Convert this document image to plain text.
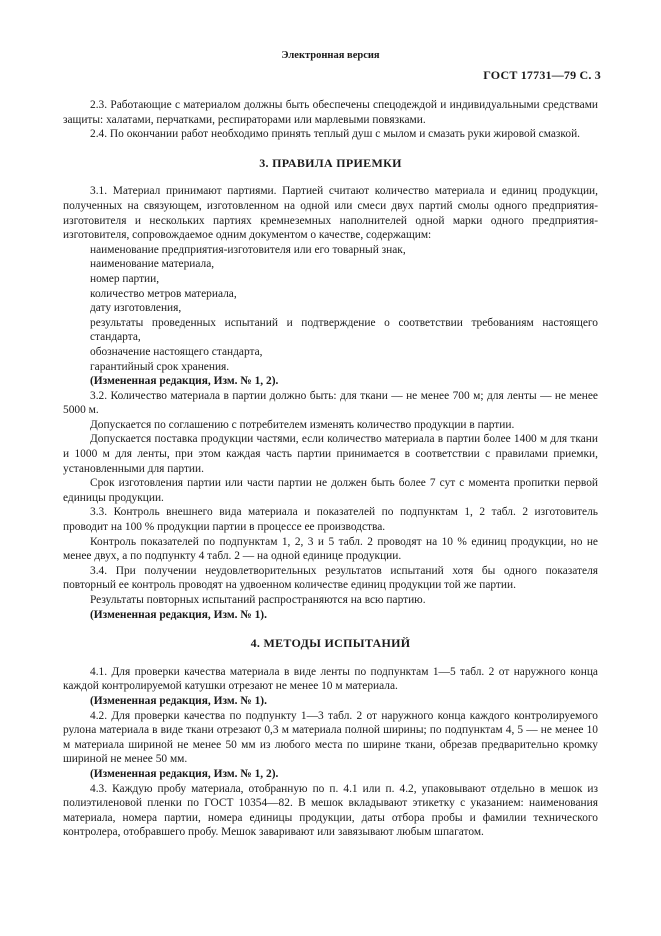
Электронная версия
ГОСТ 17731—79 С. 3

2.3. Работающие с материалом должны быть обеспечены спецодеждой и индивидуальными средствами защиты: халатами, перчатками, респираторами или марлевыми повязками.

2.4. По окончании работ необходимо принять теплый душ с мылом и смазать руки жировой смазкой.

3. ПРАВИЛА ПРИЕМКИ

3.1. Материал принимают партиями. Партией считают количество материала и единиц продукции, полученных на связующем, изготовленном на одной или смеси двух партий смолы одного предприятия-изготовителя и нескольких партиях кремнеземных наполнителей одной марки одного предприятия-изготовителя, сопровождаемое одним документом о качестве, содержащим:

наименование предприятия-изготовителя или его товарный знак,

наименование материала,

номер партии,

количество метров материала,

дату изготовления,

результаты проведенных испытаний и подтверждение о соответствии требованиям настоящего стандарта,

обозначение настоящего стандарта,

гарантийный срок хранения.

(Измененная редакция, Изм. № 1, 2).

3.2. Количество материала в партии должно быть: для ткани — не менее 700 м; для ленты — не менее 5000 м.

Допускается по соглашению с потребителем изменять количество продукции в партии.

Допускается поставка продукции частями, если количество материала в партии более 1400 м для ткани и 1000 м для ленты, при этом каждая часть партии принимается в соответствии с правилами приемки, установленными для партии.

Срок изготовления партии или части партии не должен быть более 7 сут с момента пропитки первой единицы продукции.

3.3. Контроль внешнего вида материала и показателей по подпунктам 1, 2 табл. 2 изготовитель проводит на 100 % продукции партии в процессе ее производства.

Контроль показателей по подпунктам 1, 2, 3 и 5 табл. 2 проводят на 10 % единиц продукции, но не менее двух, а по подпункту 4 табл. 2 — на одной единице продукции.

3.4. При получении неудовлетворительных результатов испытаний хотя бы одного показателя повторный ее контроль проводят на удвоенном количестве единиц продукции той же партии.

Результаты повторных испытаний распространяются на всю партию.

(Измененная редакция, Изм. № 1).

4. МЕТОДЫ ИСПЫТАНИЙ

4.1. Для проверки качества материала в виде ленты по подпунктам 1—5 табл. 2 от наружного конца каждой контролируемой катушки отрезают не менее 10 м материала.

(Измененная редакция, Изм. № 1).

4.2. Для проверки качества по подпункту 1—3 табл. 2 от наружного конца каждого контролируемого рулона материала в виде ткани отрезают 0,3 м материала полной ширины; по подпунктам 4, 5 — не менее 10 м материала шириной не менее 50 мм из любого места по ширине ткани, обрезав предварительно кромку шириной не менее 50 мм.

(Измененная редакция, Изм. № 1, 2).

4.3. Каждую пробу материала, отобранную по п. 4.1 или п. 4.2, упаковывают отдельно в мешок из полиэтиленовой пленки по ГОСТ 10354—82. В мешок вкладывают этикетку с указанием: наименования материала, номера партии, номера единицы продукции, даты отбора пробы и фамилии технического контролера, отобравшего пробу. Мешок заваривают или завязывают любым шпагатом.
